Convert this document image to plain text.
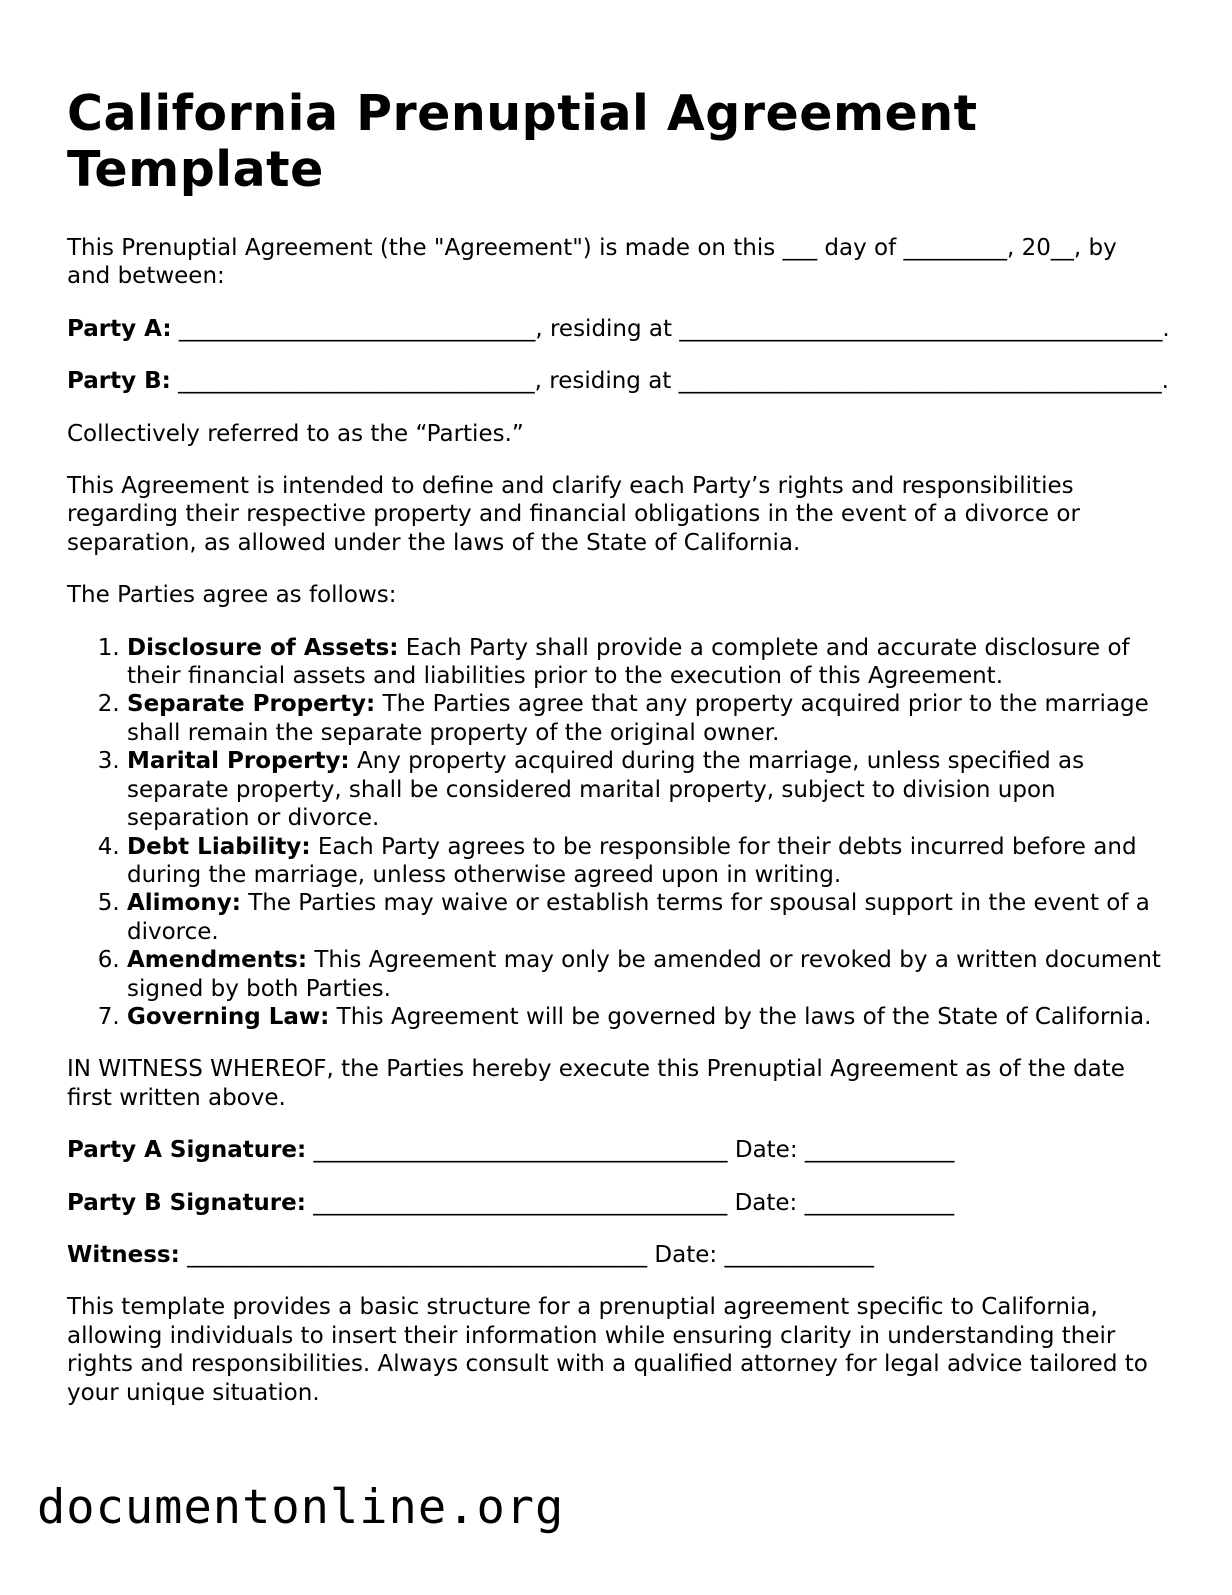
California Prenuptial Agreement Template

This Prenuptial Agreement (the "Agreement") is made on this ___ day of _________, 20__, by and between:

Party A: _______________________________, residing at __________________________________________.
Party B: _______________________________, residing at __________________________________________.

Collectively referred to as the “Parties.”

This Agreement is intended to define and clarify each Party’s rights and responsibilities regarding their respective property and financial obligations in the event of a divorce or separation, as allowed under the laws of the State of California.

The Parties agree as follows:

1. Disclosure of Assets: Each Party shall provide a complete and accurate disclosure of their financial assets and liabilities prior to the execution of this Agreement.
2. Separate Property: The Parties agree that any property acquired prior to the marriage shall remain the separate property of the original owner.
3. Marital Property: Any property acquired during the marriage, unless specified as separate property, shall be considered marital property, subject to division upon separation or divorce.
4. Debt Liability: Each Party agrees to be responsible for their debts incurred before and during the marriage, unless otherwise agreed upon in writing.
5. Alimony: The Parties may waive or establish terms for spousal support in the event of a divorce.
6. Amendments: This Agreement may only be amended or revoked by a written document signed by both Parties.
7. Governing Law: This Agreement will be governed by the laws of the State of California.

IN WITNESS WHEREOF, the Parties hereby execute this Prenuptial Agreement as of the date first written above.

Party A Signature: ____________________________________ Date: _____________
Party B Signature: ____________________________________ Date: _____________
Witness: ________________________________________ Date: _____________

This template provides a basic structure for a prenuptial agreement specific to California, allowing individuals to insert their information while ensuring clarity in understanding their rights and responsibilities. Always consult with a qualified attorney for legal advice tailored to your unique situation.

documentonline.org
